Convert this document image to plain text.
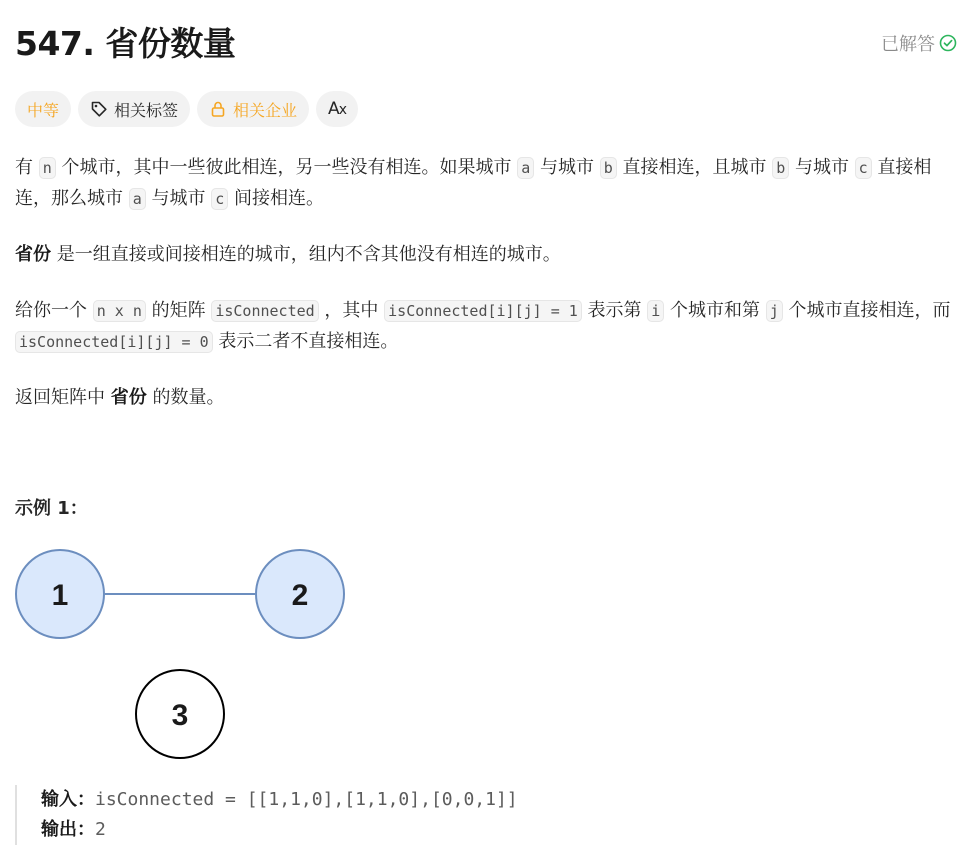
547. 省份数量	已解答
中等	相关标签	相关企业 Ax

有 n 个城市，其中一些彼此相连，另一些没有相连。如果城市 a 与城市 b 直接相连，且城市 b 与城市 c 直接相连，那么城市 a 与城市 c 间接相连。

省份 是一组直接或间接相连的城市，组内不含其他没有相连的城市。

给你一个 n x n 的矩阵 isConnected ，其中 isConnected[i][j] = 1 表示第 i 个城市和第 j 个城市直接相连，而 isConnected[i][j] = 0 表示二者不直接相连。

返回矩阵中 省份 的数量。

示例 1：

1	2
3
输入：isConnected = [[1,1,0],[1,1,0],[0,0,1]]
输出：2
